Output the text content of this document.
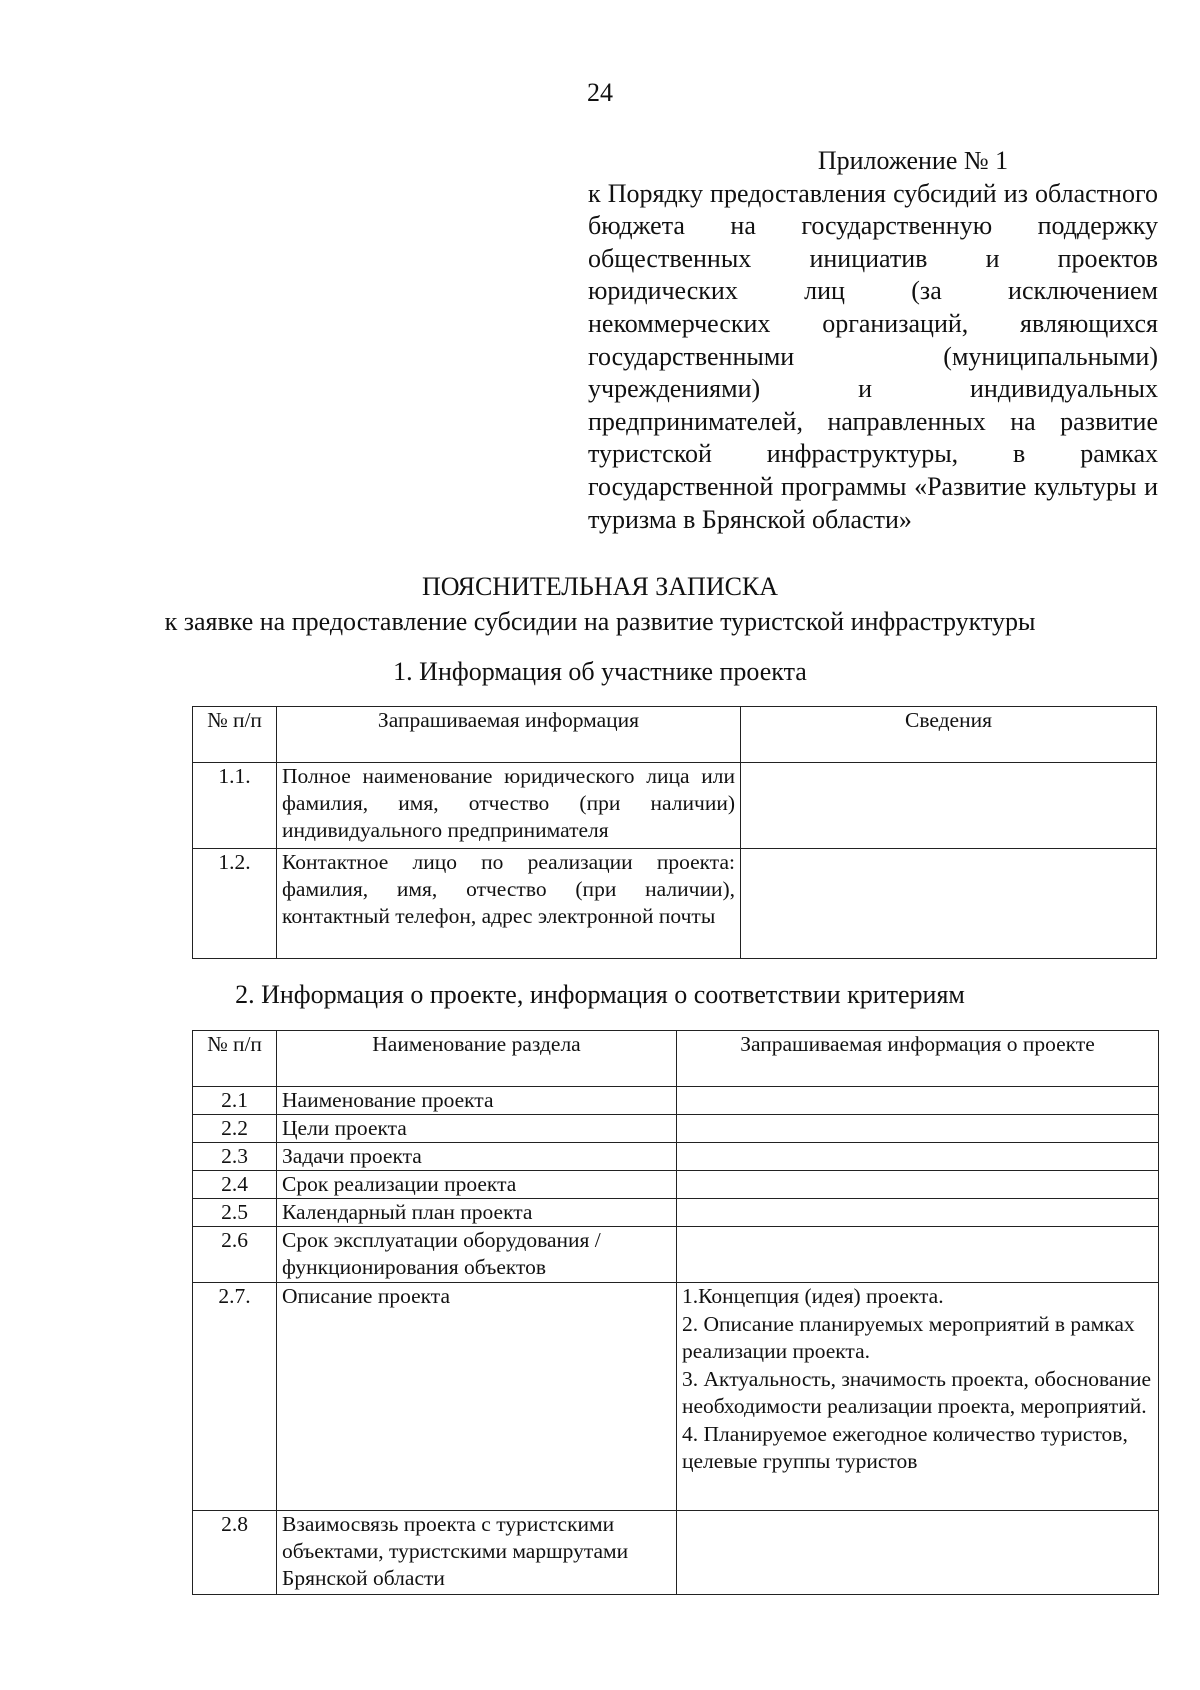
24
Приложение № 1
к Порядку предоставления субсидий из областного бюджета на государственную поддержку общественных инициатив и проектов юридических лиц (за исключением некоммерческих организаций, являющихся государственными (муниципальными) учреждениями) и индивидуальных предпринимателей, направленных на развитие туристской инфраструктуры, в рамках государственной программы «Развитие культуры и туризма в Брянской области»
ПОЯСНИТЕЛЬНАЯ ЗАПИСКА
к заявке на предоставление субсидии на развитие туристской инфраструктуры
1. Информация об участнике проекта
№ п/п	Запрашиваемая информация	Сведения
1.1.	Полное наименование юридического лица или фамилия, имя, отчество (при наличии) индивидуального предпринимателя	
1.2.	Контактное лицо по реализации проекта: фамилия, имя, отчество (при наличии), контактный телефон, адрес электронной почты	
2. Информация о проекте, информация о соответствии критериям
№ п/п	Наименование раздела	Запрашиваемая информация о проекте
2.1	Наименование проекта	
2.2	Цели проекта	
2.3	Задачи проекта	
2.4	Срок реализации проекта	
2.5	Календарный план проекта	
2.6	Срок эксплуатации оборудования /функционирования объектов	
2.7.	Описание проекта	1.Концепция (идея) проекта.
2. Описание планируемых мероприятий в рамках реализации проекта.
3. Актуальность, значимость проекта, обоснование необходимости реализации проекта, мероприятий.
4. Планируемое ежегодное количество туристов, целевые группы туристов

2.8	Взаимосвязь проекта с туристскими объектами, туристскими маршрутами Брянской области	
